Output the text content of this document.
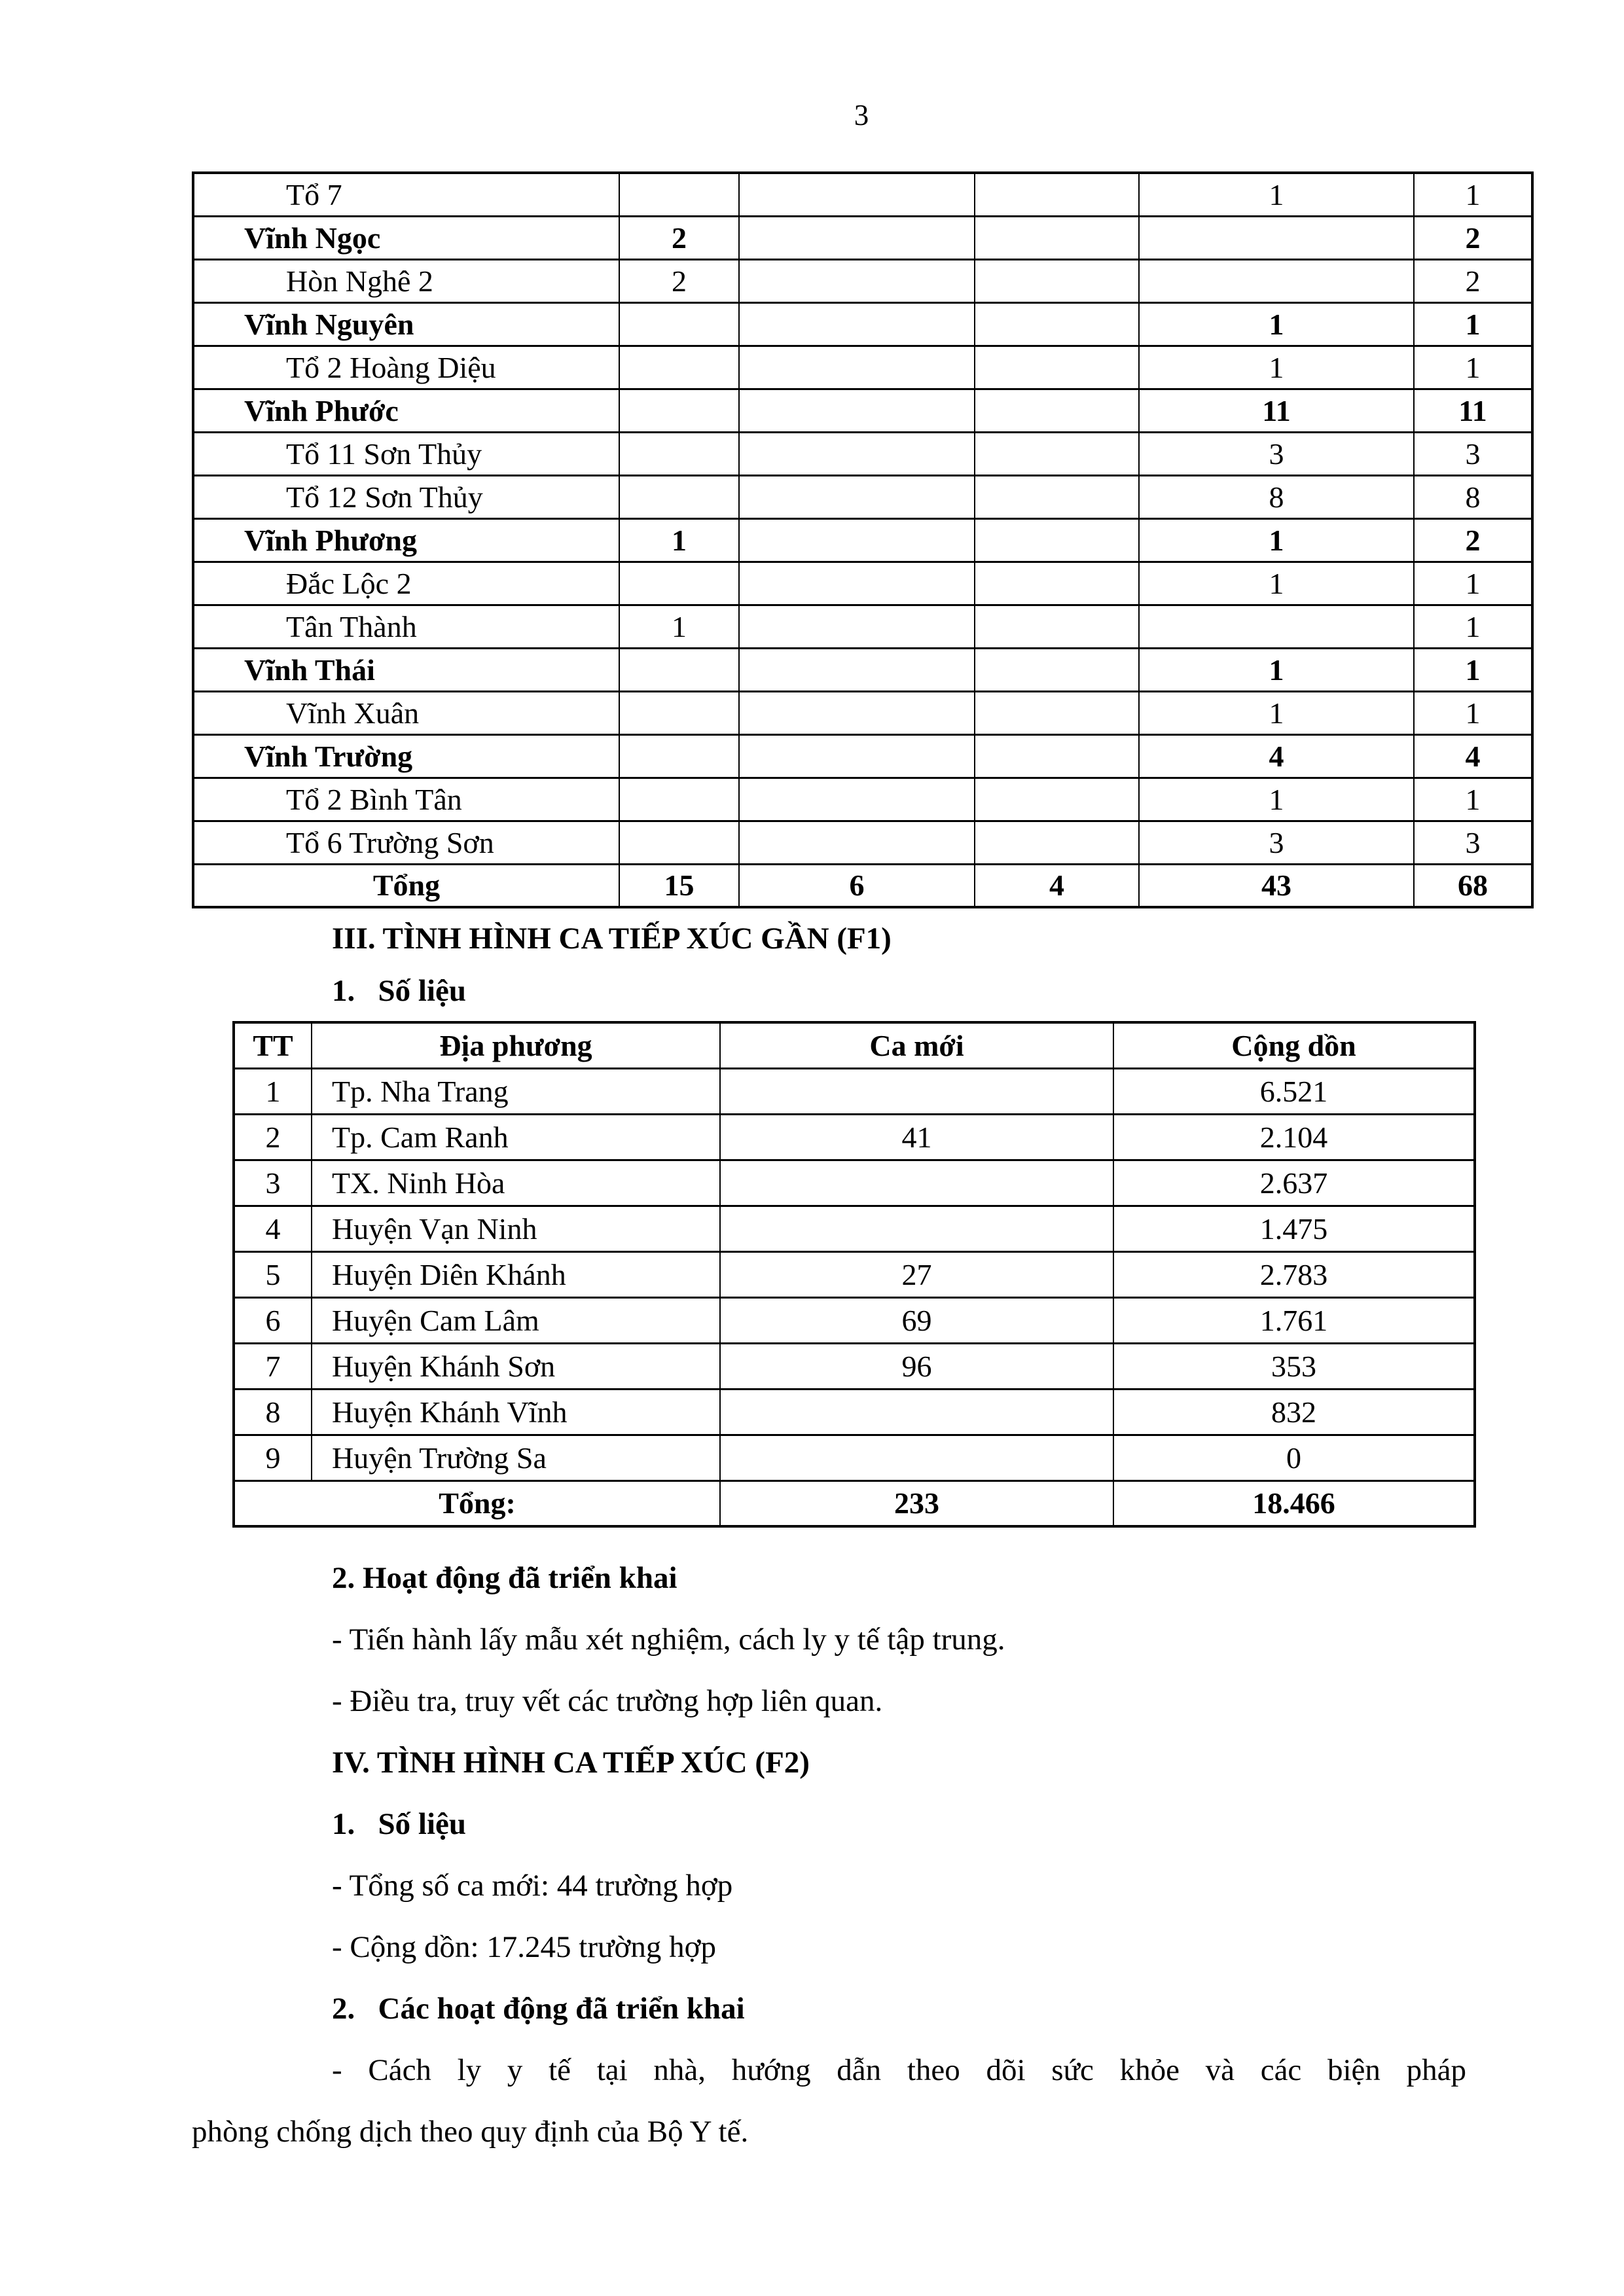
3
Tổ 7				1	1
Vĩnh Ngọc	2				2
Hòn Nghê 2	2				2
Vĩnh Nguyên				1	1
Tổ 2 Hoàng Diệu				1	1
Vĩnh Phước				11	11
Tổ 11 Sơn Thủy				3	3
Tổ 12 Sơn Thủy				8	8
Vĩnh Phương	1			1	2
Đắc Lộc 2				1	1
Tân Thành	1				1
Vĩnh Thái				1	1
Vĩnh Xuân				1	1
Vĩnh Trường				4	4
Tổ 2 Bình Tân				1	1
Tổ 6 Trường Sơn				3	3
Tổng	15	6	4	43	68
III. TÌNH HÌNH CA TIẾP XÚC GẦN (F1)
1.   Số liệu
TT	Địa phương	Ca mới	Cộng dồn
1	Tp. Nha Trang		6.521
2	Tp. Cam Ranh	41	2.104
3	TX. Ninh Hòa		2.637
4	Huyện Vạn Ninh		1.475
5	Huyện Diên Khánh	27	2.783
6	Huyện Cam Lâm	69	1.761
7	Huyện Khánh Sơn	96	353
8	Huyện Khánh Vĩnh		832
9	Huyện Trường Sa		0
Tổng:		233	18.466
2. Hoạt động đã triển khai
- Tiến hành lấy mẫu xét nghiệm, cách ly y tế tập trung.
- Điều tra, truy vết các trường hợp liên quan.
IV. TÌNH HÌNH CA TIẾP XÚC (F2)
1.   Số liệu
- Tổng số ca mới: 44 trường hợp
- Cộng dồn: 17.245 trường hợp
2.   Các hoạt động đã triển khai
- Cách ly y tế tại nhà, hướng dẫn theo dõi sức khỏe và các biện pháp
phòng chống dịch theo quy định của Bộ Y tế.
